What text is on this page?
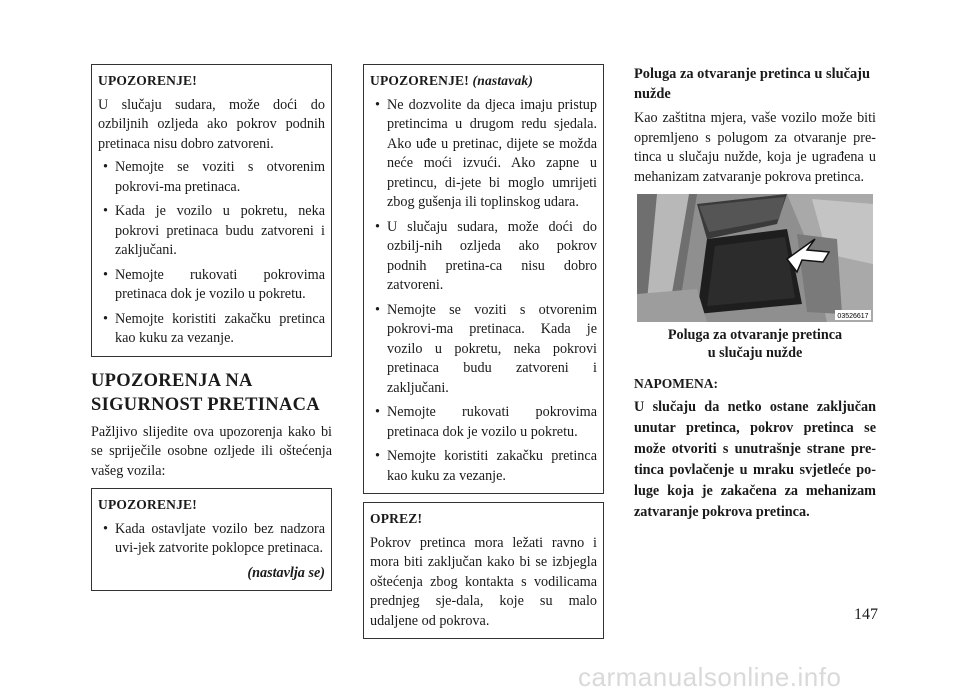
UPOZORENJE!

U slučaju sudara, može doći do ozbiljnih ozljeda ako pokrov podnih pretinaca nisu dobro zatvoreni.

• Nemojte se voziti s otvorenim pokrovi-ma pretinaca.
• Kada je vozilo u pokretu, neka pokrovi pretinaca budu zatvoreni i zaključani.
• Nemojte rukovati pokrovima pretinaca dok je vozilo u pokretu.
• Nemojte koristiti zakačku pretinca kao kuku za vezanje.
UPOZORENJA NA
SIGURNOST PRETINACA

Pažljivo slijedite ova upozorenja kako bi se spriječile osobne ozljede ili oštećenja vašeg vozila:

UPOZORENJE!
• Kada ostavljate vozilo bez nadzora uvi-jek zatvorite poklopce pretinaca.
(nastavlja se)
UPOZORENJE! (nastavak)
• Ne dozvolite da djeca imaju pristup pretincima u drugom redu sjedala. Ako uđe u pretinac, dijete se možda neće moći izvući. Ako zapne u pretincu, di-jete bi moglo umrijeti zbog gušenja ili toplinskog udara.
• U slučaju sudara, može doći do ozbilj-nih ozljeda ako pokrov podnih pretina-ca nisu dobro zatvoreni.
• Nemojte se voziti s otvorenim pokrovi-ma pretinaca. Kada je vozilo u pokretu, neka pokrovi pretinaca budu zatvoreni i zaključani.
• Nemojte rukovati pokrovima pretinaca dok je vozilo u pokretu.
• Nemojte koristiti zakačku pretinca kao kuku za vezanje.
OPREZ!

Pokrov pretinca mora ležati ravno i mora biti zaključan kako bi se izbjegla oštećenja zbog kontakta s vodilicama prednjeg sje-dala, koje su malo udaljene od pokrova.

Poluga za otvaranje pretinca u slučaju nužde

Kao zaštitna mjera, vaše vozilo može biti opremljeno s polugom za otvaranje pre-tinca u slučaju nužde, koja je ugrađena u mehanizam zatvaranje pokrova pretinca.

03526617
Poluga za otvaranje pretinca
u slučaju nužde
NAPOMENA:

U slučaju da netko ostane zaključan unutar pretinca, pokrov pretinca se može otvoriti s unutrašnje strane pre-tinca povlačenje u mraku svjetleće po-luge koja je zakačena za mehanizam zatvaranje pokrova pretinca.

147
carmanualsonline.info
